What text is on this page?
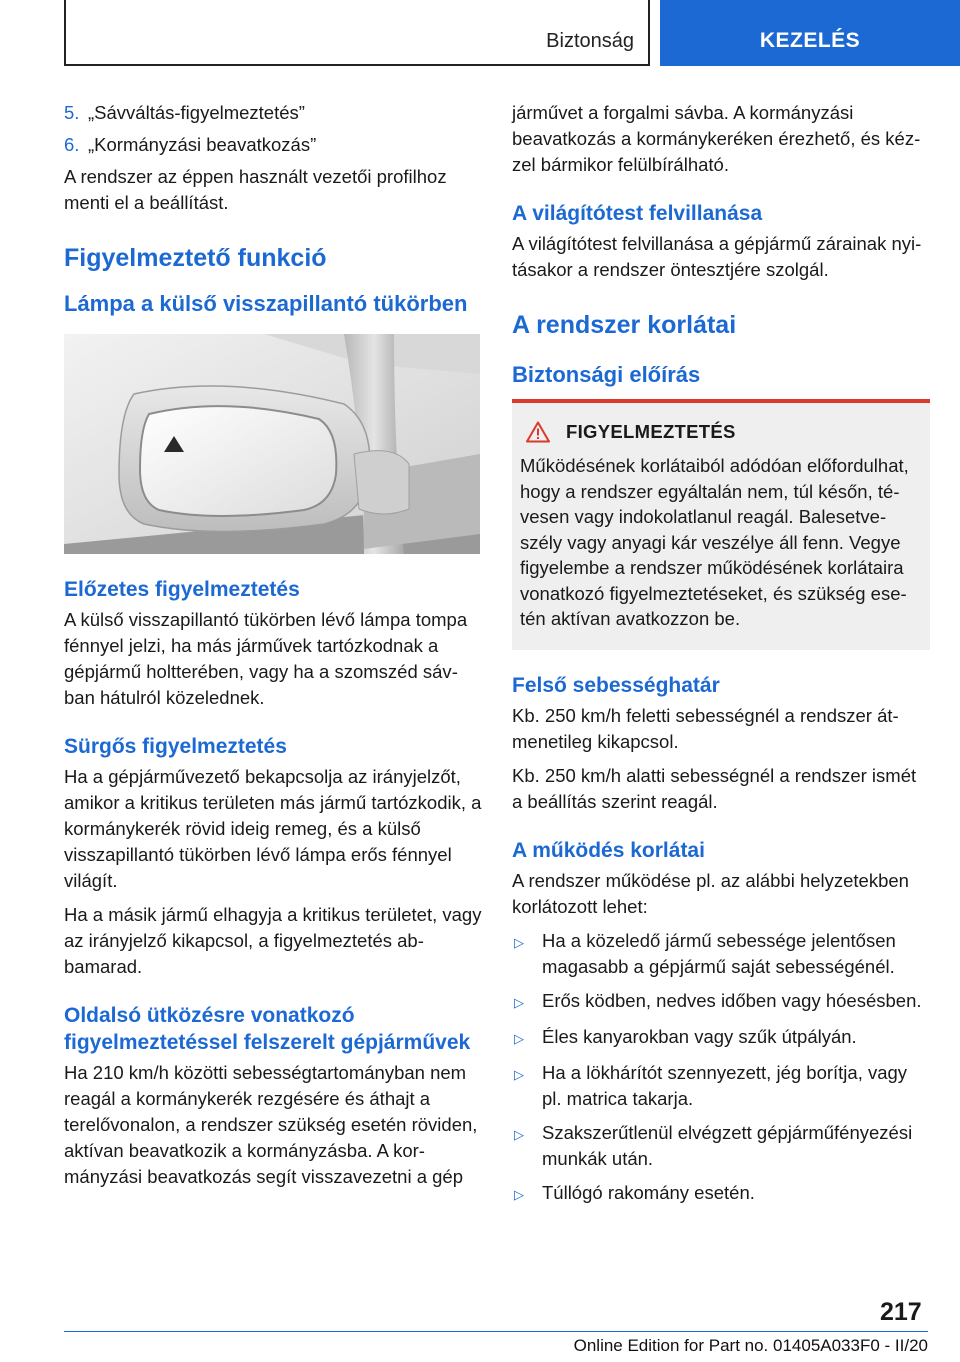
Biztonság	KEZELÉS
5. „Sávváltás-figyelmeztetés”
6. „Kormányzási beavatkozás”

A rendszer az éppen használt vezetői profilhoz menti el a beállítást.

Figyelmeztető funkció
Lámpa a külső visszapillantó tükörben
Előzetes figyelmeztetés

A külső visszapillantó tükörben lévő lámpa tompa fénnyel jelzi, ha más járművek tartózkodnak a gépjármű holtterében, vagy ha a szomszéd sávban hátulról közelednek.

Sürgős figyelmeztetés

Ha a gépjárművezető bekapcsolja az irányjelzőt, amikor a kritikus területen más jármű tartózkodik, a kormánykerék rövid ideig remeg, és a külső visszapillantó tükörben lévő lámpa erős fénnyel világít.

Ha a másik jármű elhagyja a kritikus területet, vagy az irányjelző kikapcsol, a figyelmeztetés abbamarad.

Oldalsó ütközésre vonatkozó figyelmeztetéssel felszerelt gépjárművek

Ha 210 km/h közötti sebességtartományban nem reagál a kormánykerék rezgésére és áthajt a terelővonalon, a rendszer szükség esetén röviden, aktívan beavatkozik a kormányzásba. A kormányzási beavatkozás segít visszavezetni a gép

járművet a forgalmi sávba. A kormányzási beavatkozás a kormánykeréken érezhető, és kézzel bármikor felülbírálható.

A világítótest felvillanása

A világítótest felvillanása a gépjármű zárainak nyitásakor a rendszer öntesztjére szolgál.

A rendszer korlátai
Biztonsági előírás
FIGYELMEZTETÉS

Működésének korlátaiból adódóan előfordulhat, hogy a rendszer egyáltalán nem, túl későn, tévesen vagy indokolatlanul reagál. Balesetveszély vagy anyagi kár veszélye áll fenn. Vegye figyelembe a rendszer működésének korlátaira vonatkozó figyelmeztetéseket, és szükség esetén aktívan avatkozzon be.

Felső sebességhatár

Kb. 250 km/h feletti sebességnél a rendszer átmenetileg kikapcsol.

Kb. 250 km/h alatti sebességnél a rendszer ismét a beállítás szerint reagál.

A működés korlátai

A rendszer működése pl. az alábbi helyzetekben korlátozott lehet:

▷ Ha a közeledő jármű sebessége jelentősen magasabb a gépjármű saját sebességénél.
▷ Erős ködben, nedves időben vagy hóesésben.
▷ Éles kanyarokban vagy szűk útpályán.
▷ Ha a lökhárítót szennyezett, jég borítja, vagy pl. matrica takarja.
▷ Szakszerűtlenül elvégzett gépjárműfényezési munkák után.
▷ Túllógó rakomány esetén.
217
Online Edition for Part no. 01405A033F0 - II/20
